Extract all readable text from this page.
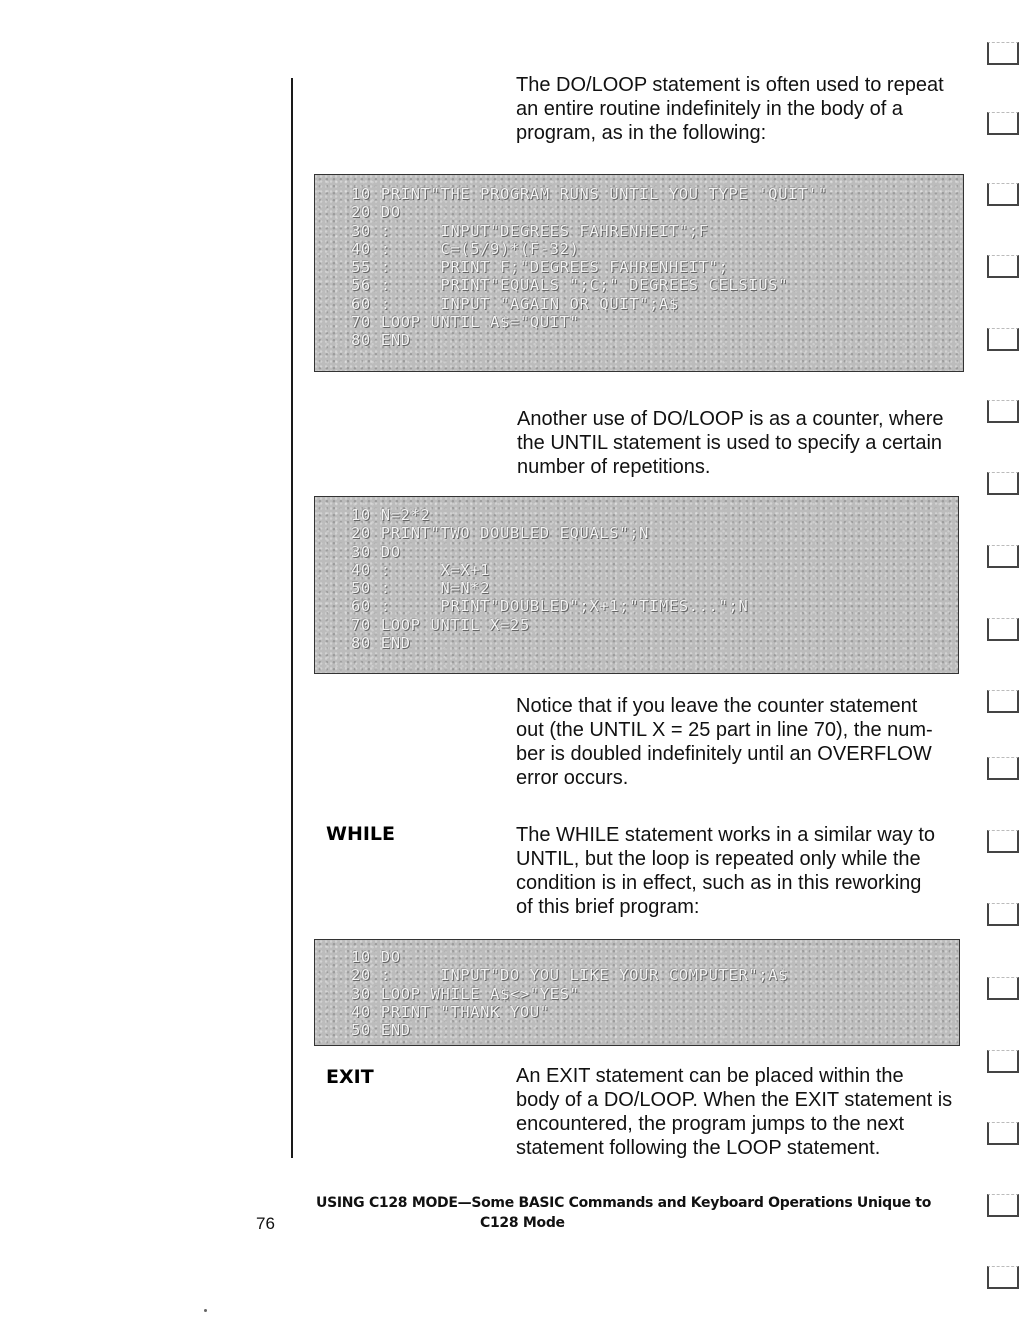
The DO/LOOP statement is often used to repeat
an entire routine indefinitely in the body of a
program, as in the following:
10 PRINT"THE PROGRAM RUNS UNTIL YOU TYPE 'QUIT'"
20 DO
30 :     INPUT"DEGREES FAHRENHEIT";F
40 :     C=(5/9)*(F-32)
55 :     PRINT F;"DEGREES FAHRENHEIT";
56 :     PRINT"EQUALS ";C;" DEGREES CELSIUS"
60 :     INPUT "AGAIN OR QUIT";A$
70 LOOP UNTIL A$="QUIT"
80 END
Another use of DO/LOOP is as a counter, where
the UNTIL statement is used to specify a certain
number of repetitions.
10 N=2*2
20 PRINT"TWO DOUBLED EQUALS";N
30 DO
40 :     X=X+1
50 :     N=N*2
60 :     PRINT"DOUBLED";X+1;"TIMES...";N
70 LOOP UNTIL X=25
80 END
Notice that if you leave the counter statement
out (the UNTIL X = 25 part in line 70), the num-
ber is doubled indefinitely until an OVERFLOW
error occurs.
WHILE	The WHILE statement works in a similar way to
UNTIL, but the loop is repeated only while the
condition is in effect, such as in this reworking
of this brief program:
10 DO
20 :     INPUT"DO YOU LIKE YOUR COMPUTER";A$
30 LOOP WHILE A$<>"YES"
40 PRINT "THANK YOU"
50 END
EXIT	An EXIT statement can be placed within the
body of a DO/LOOP. When the EXIT statement is
encountered, the program jumps to the next
statement following the LOOP statement.
USING C128 MODE—Some BASIC Commands and Keyboard Operations Unique to
C128 Mode
76
